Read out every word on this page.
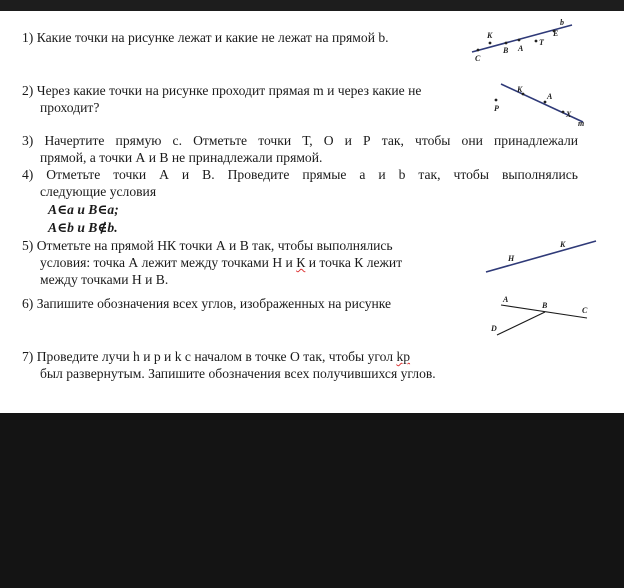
1) Какие точки на рисунке лежат и какие не лежат на прямой b.
b
K	E
B A
T
C
2) Через какие точки на рисунке проходит прямая m и через какие не
проходит?
K
A
P
X
m
3) Начертите прямую c. Отметьте точки Т, О и Р так, чтобы они принадлежали
прямой, а точки А и В не принадлежали прямой.
4) Отметьте точки А и В. Проведите прямые а и b так, чтобы выполнялись
следующие условия
A∈a и B∈a;
A∈b и B∉b.
5) Отметьте на прямой НК точки А и В так, чтобы выполнялись
условия: точка А лежит между точками Н и К и точка К лежит
между точками Н и В.
H
K
6) Запишите обозначения всех углов, изображенных на рисунке	A
B
C
D
7) Проведите лучи h и р и k с началом в точке О так, чтобы угол kp
был развернутым. Запишите обозначения всех получившихся углов.
